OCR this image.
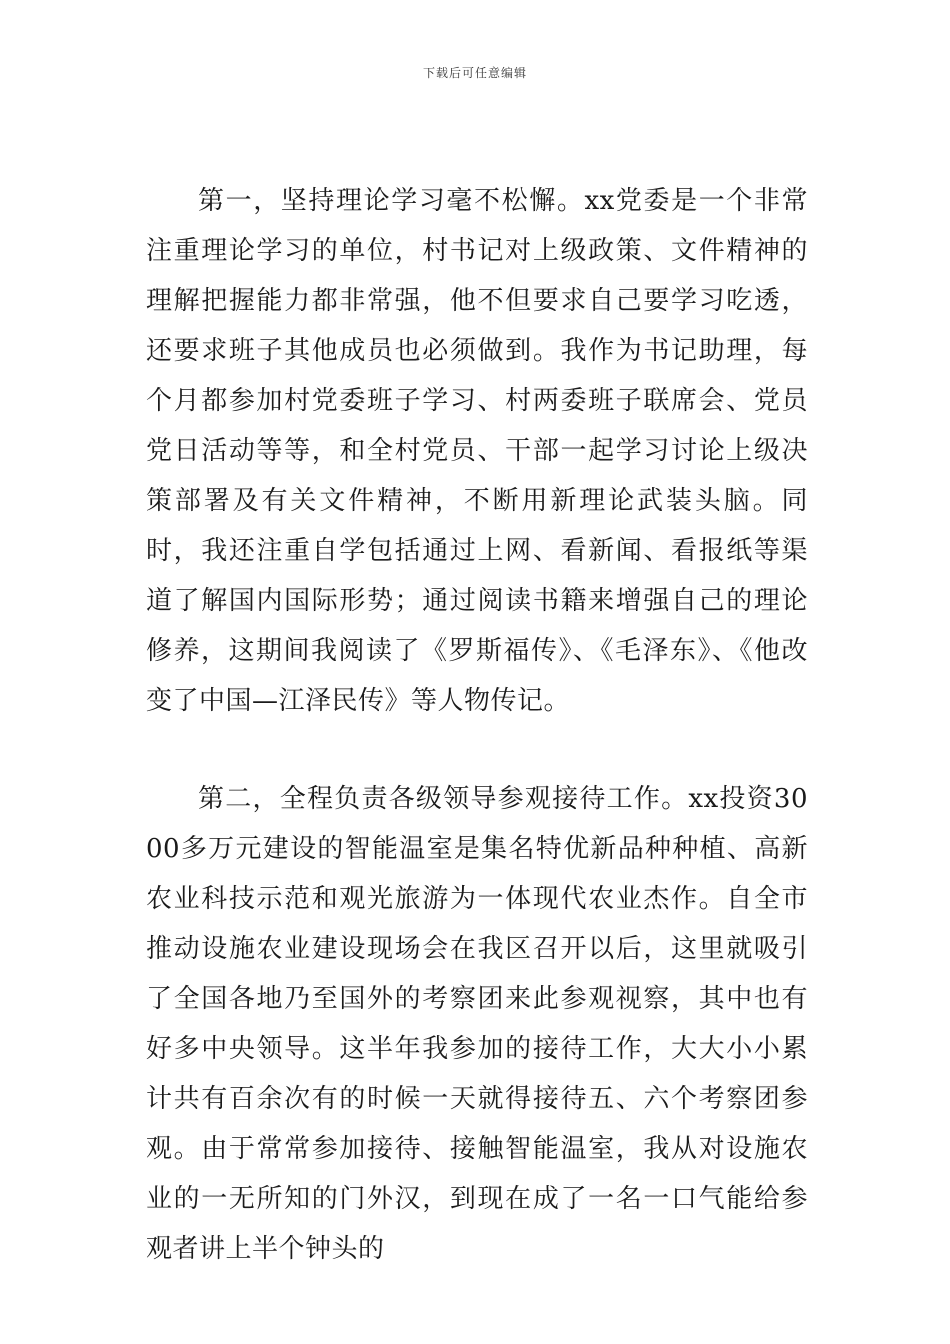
下载后可任意编辑

第一，坚持理论学习毫不松懈。xx党委是一个非常注重理论学习的单位，村书记对上级政策、文件精神的理解把握能力都非常强，他不但要求自己要学习吃透，还要求班子其他成员也必须做到。我作为书记助理，每个月都参加村党委班子学习、村两委班子联席会、党员党日活动等等，和全村党员、干部一起学习讨论上级决策部署及有关文件精神，不断用新理论武装头脑。同时，我还注重自学包括通过上网、看新闻、看报纸等渠道了解国内国际形势；通过阅读书籍来增强自己的理论修养，这期间我阅读了《罗斯福传》、《毛泽东》、《他改变了中国—江泽民传》等人物传记。

第二，全程负责各级领导参观接待工作。xx投资3000多万元建设的智能温室是集名特优新品种种植、高新农业科技示范和观光旅游为一体现代农业杰作。自全市推动设施农业建设现场会在我区召开以后，这里就吸引了全国各地乃至国外的考察团来此参观视察，其中也有好多中央领导。这半年我参加的接待工作，大大小小累计共有百余次有的时候一天就得接待五、六个考察团参观。由于常常参加接待、接触智能温室，我从对设施农业的一无所知的门外汉，到现在成了一名一口气能给参观者讲上半个钟头的
